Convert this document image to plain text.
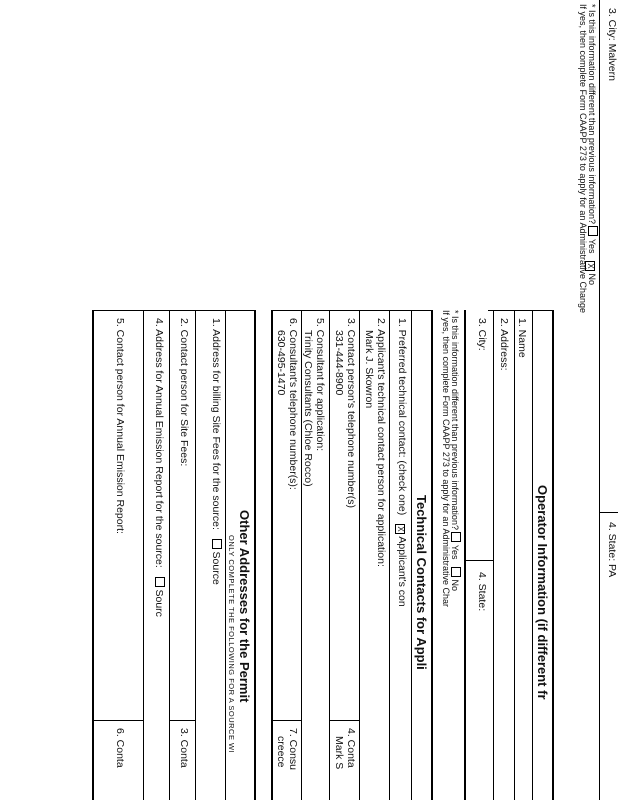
3. City: Malvern
4. State: PA
* Is this information different than previous information?  Yes   X No
If yes, then complete Form CAAPP 273 to apply for an Administrative Change
Operator Information (if different fr
1. Name
2. Address:
3. City:
4. State:
* Is this information different than previous information?  Yes    No
If yes, then complete Form CAAPP 273 to apply for an Administrative Char
Technical Contacts for Appli
1. Preferred technical contact: (check one)   X Applicant's con
2. Applicant's technical contact person for application:
Mark J. Skowron
3. Contact person's telephone number(s)
331-444-8900
4. Conta
Mark S
5. Consultant for application:
Trinity Consultants (Chloe Rocco)
6. Consultant's telephone number(s):
630-495-1470
7. Consu
creece
Other Addresses for the Permit
ONLY COMPLETE THE FOLLOWING FOR A SOURCE WI
1. Address for billing Site Fees for the source:    Source
2. Contact person for Site Fees:
3. Conta
4. Address for Annual Emission Report for the source:    Sourc
5. Contact person for Annual Emission Report:
6. Conta
